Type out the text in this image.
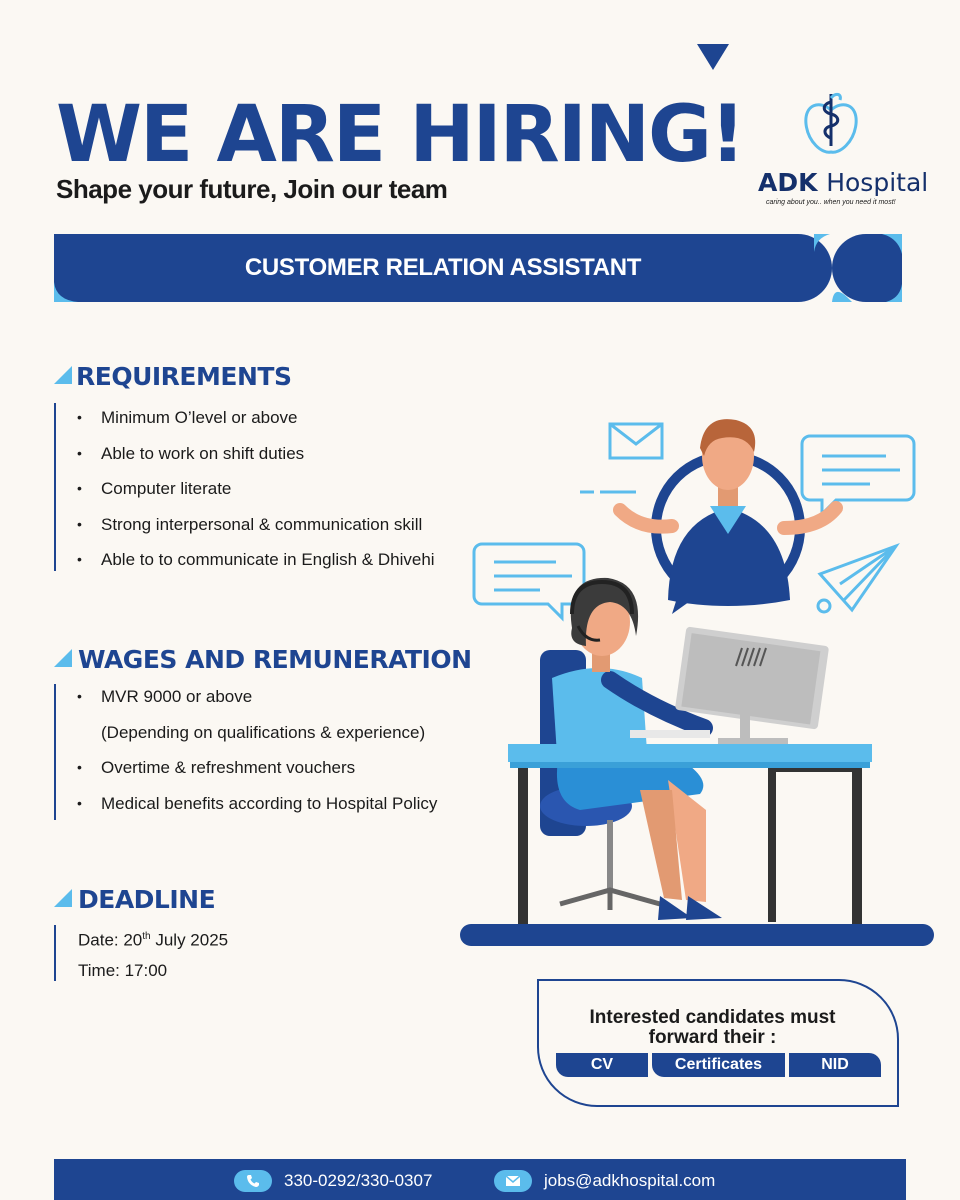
WE ARE HIRING!
Shape your future, Join our team	ADK Hospital
caring about you.. when you need it most!
CUSTOMER RELATION ASSISTANT
REQUIREMENTS
• Minimum O’level or above
• Able to work on shift duties
• Computer literate
• Strong interpersonal & communication skill
• Able to to communicate in English & Dhivehi
WAGES AND REMUNERATION
• MVR 9000 or above
(Depending on qualifications & experience)
• Overtime & refreshment vouchers
• Medical benefits according to Hospital Policy
DEADLINE
Date: 20th July 2025
Time: 17:00
Interested candidates must
forward their :
CV	Certificates	NID
330-0292/330-0307	jobs@adkhospital.com
